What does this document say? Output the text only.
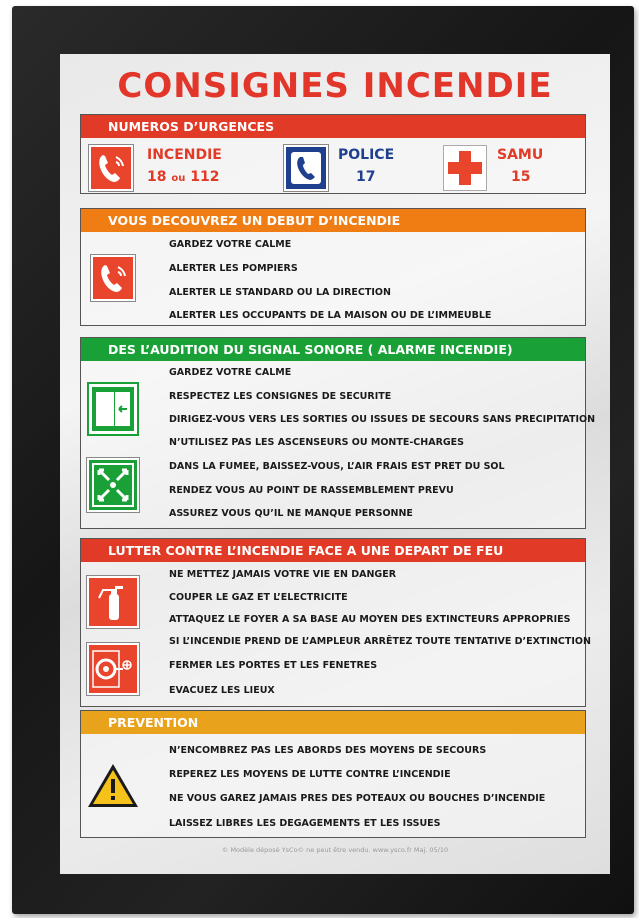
CONSIGNES INCENDIE
NUMEROS D’URGENCES
INCENDIE
18 ou 112
POLICE
17
SAMU
15
VOUS DECOUVREZ UN DEBUT D’INCENDIE
GARDEZ VOTRE CALME
ALERTER LES POMPIERS
ALERTER LE STANDARD OU LA DIRECTION
ALERTER LES OCCUPANTS DE LA MAISON OU DE L’IMMEUBLE
DES L’AUDITION DU SIGNAL SONORE ( ALARME INCENDIE)
GARDEZ VOTRE CALME
RESPECTEZ LES CONSIGNES DE SECURITE
DIRIGEZ-VOUS VERS LES SORTIES OU ISSUES DE SECOURS SANS PRECIPITATION
N’UTILISEZ PAS LES ASCENSEURS OU MONTE-CHARGES
DANS LA FUMEE, BAISSEZ-VOUS, L’AIR FRAIS EST PRET DU SOL
RENDEZ VOUS AU POINT DE RASSEMBLEMENT PREVU
ASSUREZ VOUS QU’IL NE MANQUE PERSONNE
LUTTER CONTRE L’INCENDIE FACE A UNE DEPART DE FEU
NE METTEZ JAMAIS VOTRE VIE EN DANGER
COUPER LE GAZ ET L’ELECTRICITE
ATTAQUEZ LE FOYER A SA BASE AU MOYEN DES EXTINCTEURS APPROPRIES
SI L’INCENDIE PREND DE L’AMPLEUR ARRÊTEZ TOUTE TENTATIVE D’EXTINCTION
FERMER LES PORTES ET LES FENETRES
EVACUEZ LES LIEUX
PREVENTION
N’ENCOMBREZ PAS LES ABORDS DES MOYENS DE SECOURS
REPEREZ LES MOYENS DE LUTTE CONTRE L’INCENDIE
NE VOUS GAREZ JAMAIS PRES DES POTEAUX OU BOUCHES D’INCENDIE
LAISSEZ LIBRES LES DEGAGEMENTS ET LES ISSUES
© Modèle déposé YsCo© ne peut être vendu. www.ysco.fr Maj. 05/10
